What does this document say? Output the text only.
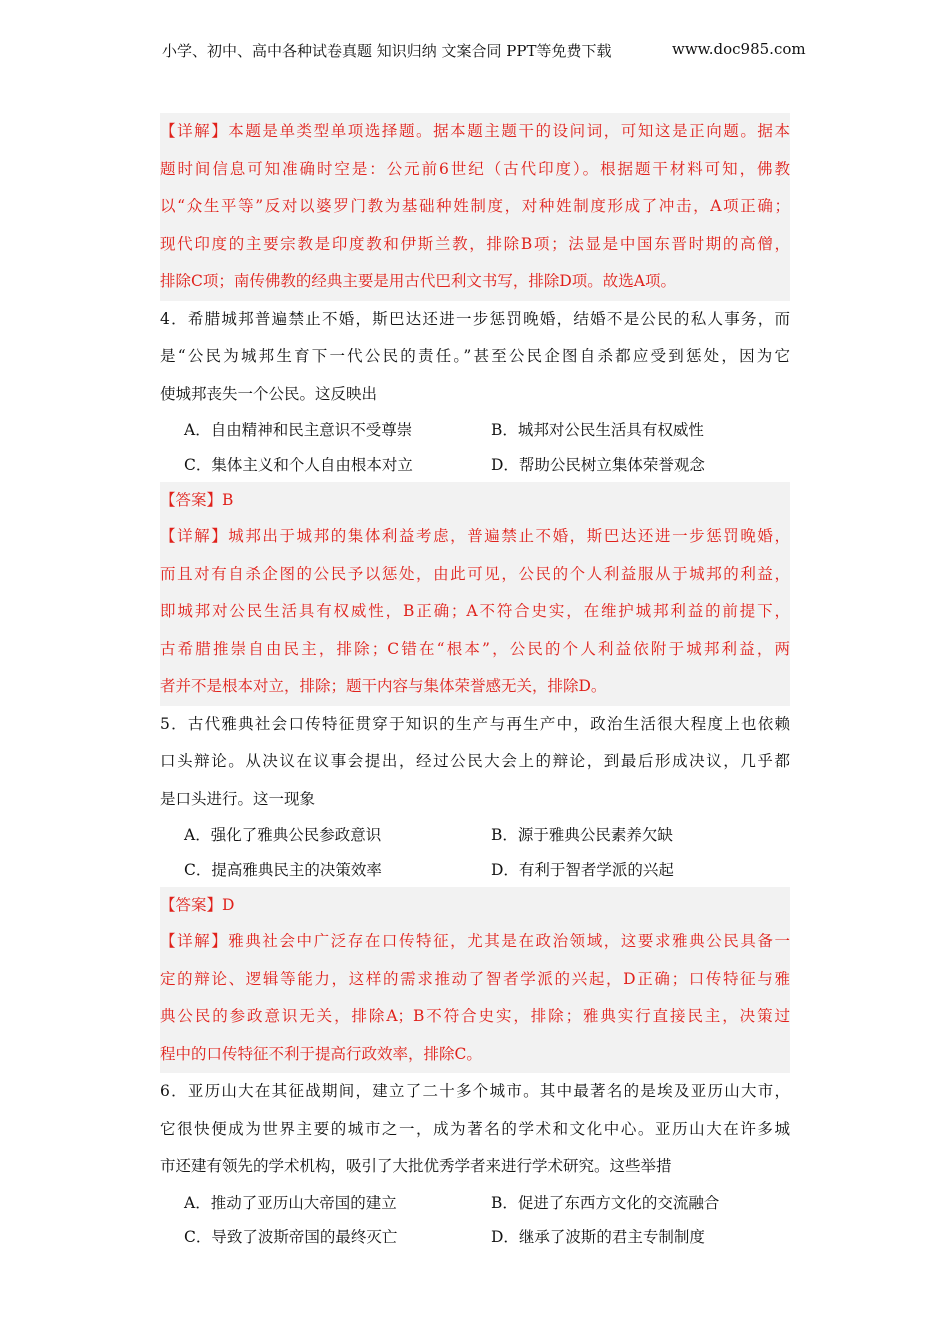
小学、初中、高中各种试卷真题 知识归纳 文案合同 PPT等免费下载	www.doc985.com
【详解】本题是单类型单项选择题。据本题主题干的设问词，可知这是正向题。据本
题时间信息可知准确时空是：公元前6世纪（古代印度）。根据题干材料可知，佛教
以“众生平等”反对以婆罗门教为基础种姓制度，对种姓制度形成了冲击，A项正确；
现代印度的主要宗教是印度教和伊斯兰教，排除B项；法显是中国东晋时期的高僧，
排除C项；南传佛教的经典主要是用古代巴利文书写，排除D项。故选A项。
4．希腊城邦普遍禁止不婚，斯巴达还进一步惩罚晚婚，结婚不是公民的私人事务，而
是“公民为城邦生育下一代公民的责任。”甚至公民企图自杀都应受到惩处，因为它
使城邦丧失一个公民。这反映出
A．自由精神和民主意识不受尊崇	B．城邦对公民生活具有权威性
C．集体主义和个人自由根本对立	D．帮助公民树立集体荣誉观念
【答案】B
【详解】城邦出于城邦的集体利益考虑，普遍禁止不婚，斯巴达还进一步惩罚晚婚，
而且对有自杀企图的公民予以惩处，由此可见，公民的个人利益服从于城邦的利益，
即城邦对公民生活具有权威性，B正确；A不符合史实，在维护城邦利益的前提下，
古希腊推崇自由民主，排除；C错在“根本”，公民的个人利益依附于城邦利益，两
者并不是根本对立，排除；题干内容与集体荣誉感无关，排除D。
5．古代雅典社会口传特征贯穿于知识的生产与再生产中，政治生活很大程度上也依赖
口头辩论。从决议在议事会提出，经过公民大会上的辩论，到最后形成决议，几乎都
是口头进行。这一现象
A．强化了雅典公民参政意识	B．源于雅典公民素养欠缺
C．提高雅典民主的决策效率	D．有利于智者学派的兴起
【答案】D
【详解】雅典社会中广泛存在口传特征，尤其是在政治领域，这要求雅典公民具备一
定的辩论、逻辑等能力，这样的需求推动了智者学派的兴起，D正确；口传特征与雅
典公民的参政意识无关，排除A；B不符合史实，排除；雅典实行直接民主，决策过
程中的口传特征不利于提高行政效率，排除C。
6．亚历山大在其征战期间，建立了二十多个城市。其中最著名的是埃及亚历山大市，
它很快便成为世界主要的城市之一，成为著名的学术和文化中心。亚历山大在许多城
市还建有领先的学术机构，吸引了大批优秀学者来进行学术研究。这些举措
A．推动了亚历山大帝国的建立	B．促进了东西方文化的交流融合
C．导致了波斯帝国的最终灭亡	D．继承了波斯的君主专制制度
